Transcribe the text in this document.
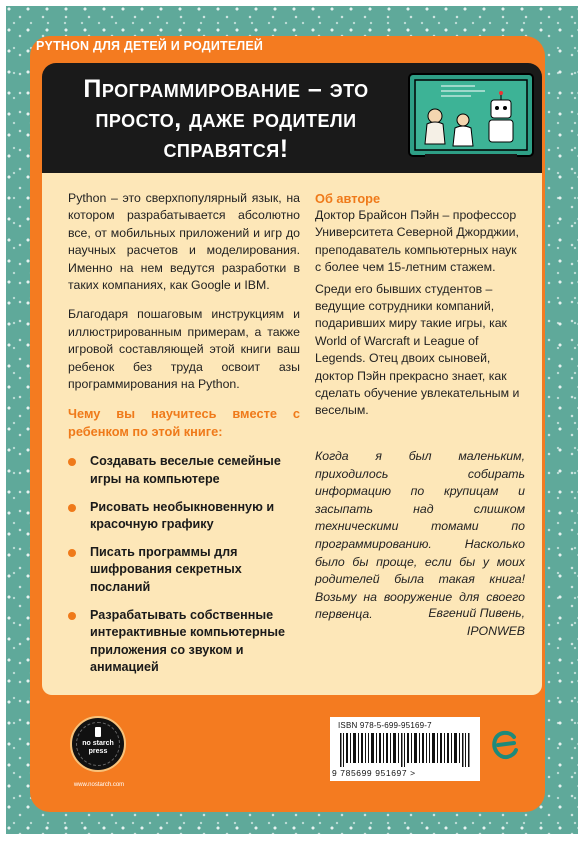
PYTHON ДЛЯ ДЕТЕЙ И РОДИТЕЛЕЙ
Программирование – это просто, даже родители справятся!

Python – это сверхпопулярный язык, на котором разрабатывается абсолютно все, от мобильных приложений и игр до научных расчетов и моделирования. Именно на нем ведутся разработки в таких компаниях, как Google и IBM.

Благодаря пошаговым инструкциям и иллюстрированным примерам, а также игровой составляющей этой книги ваш ребенок без труда освоит азы программирования на Python.

Чему вы научитесь вместе с ребенком по этой книге:

Создавать веселые семейные игры на компьютере
Рисовать необыкновенную и красочную графику
Писать программы для шифрования секретных посланий
Разрабатывать собственные интерактивные компьютерные приложения со звуком и анимацией

Об авторе

Доктор Брайсон Пэйн – профессор Университета Северной Джорджии, преподаватель компьютерных наук с более чем 15-летним стажем.

Среди его бывших студентов – ведущие сотрудники компаний, подаривших миру такие игры, как World of Warcraft и League of Legends. Отец двоих сыновей, доктор Пэйн прекрасно знает, как сделать обучение увлекательным и веселым.

Когда я был маленьким, приходилось собирать информацию по крупицам и засыпать над слишком техническими томами по программированию. Насколько было бы проще, если бы у моих родителей была такая книга! Возьму на вооружение для своего первенца.	Евгений Пивень,
IPONWEB
no starch
press
www.nostarch.com
ISBN 978-5-699-95169-7
9 785699 951697 >
